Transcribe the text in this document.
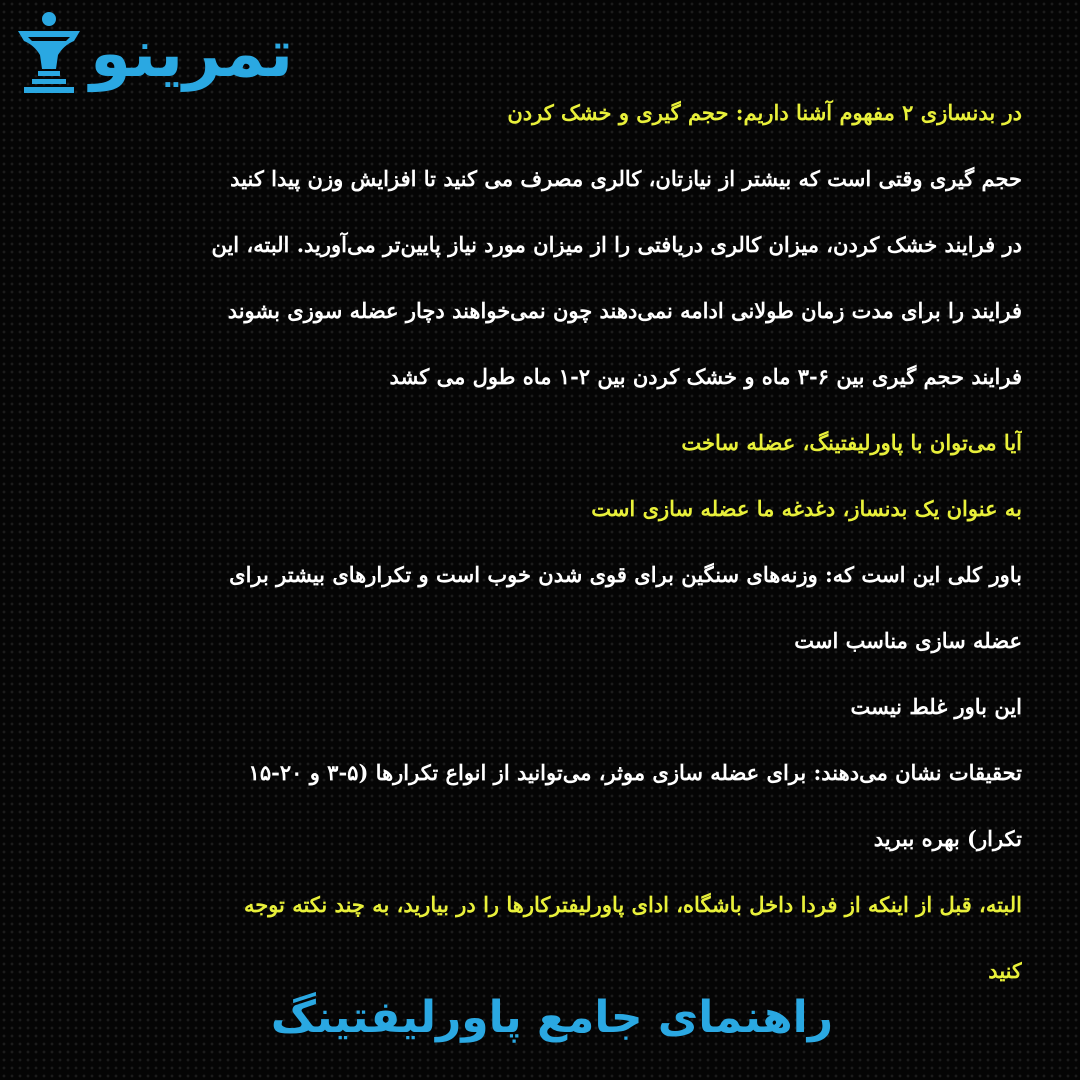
تمرینو
در بدنسازی ۲ مفهوم آشنا داریم: حجم گیری و خشک کردن
حجم گیری وقتی است که بیشتر از نیازتان، کالری مصرف می کنید تا افزایش وزن پیدا کنید
در فرایند خشک کردن، میزان کالری دریافتی را از میزان مورد نیاز پایین‌تر می‌آورید. البته، این
فرایند را برای مدت زمان طولانی ادامه نمی‌دهند چون نمی‌خواهند دچار عضله سوزی بشوند
فرایند حجم گیری بین ۶-۳ ماه و خشک کردن بین ۲-۱ ماه طول می کشد
آیا می‌توان با پاورلیفتینگ، عضله ساخت
به عنوان یک بدنساز، دغدغه ما عضله سازی است
باور کلی این است که: وزنه‌های سنگین برای قوی شدن خوب است و تکرارهای بیشتر برای
عضله سازی مناسب است
این باور غلط نیست
تحقیقات نشان می‌دهند: برای عضله سازی موثر، می‌توانید از انواع تکرارها (۵-۳ و ۲۰-۱۵
تکرار) بهره ببرید
البته، قبل از اینکه از فردا داخل باشگاه، ادای پاورلیفترکارها را در بیارید، به چند نکته توجه
کنید
راهنمای جامع پاورلیفتینگ
